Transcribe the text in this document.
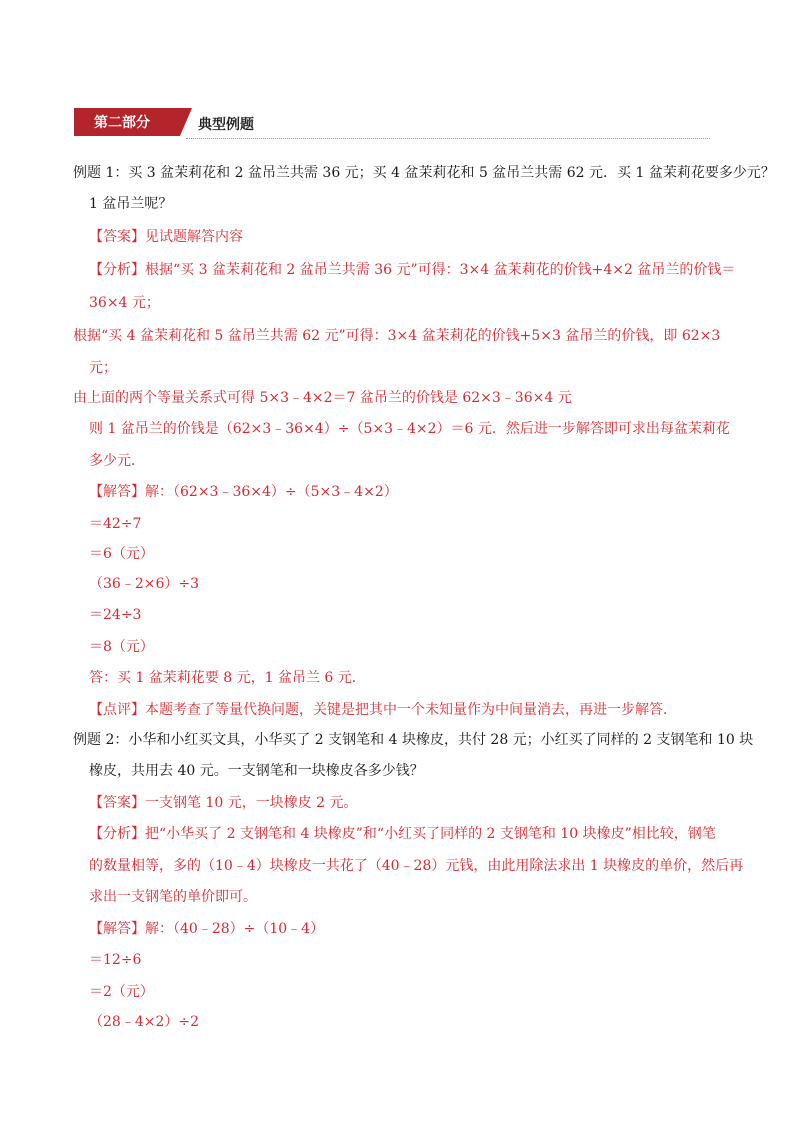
第二部分	典型例题
例题 1：买 3 盆茉莉花和 2 盆吊兰共需 36 元；买 4 盆茉莉花和 5 盆吊兰共需 62 元．买 1 盆茉莉花要多少元？
1 盆吊兰呢？
【答案】见试题解答内容
【分析】根据“买 3 盆茉莉花和 2 盆吊兰共需 36 元”可得：3×4 盆茉莉花的价钱+4×2 盆吊兰的价钱＝
36×4 元；
根据“买 4 盆茉莉花和 5 盆吊兰共需 62 元”可得：3×4 盆茉莉花的价钱+5×3 盆吊兰的价钱，即 62×3
元；
由上面的两个等量关系式可得 5×3﹣4×2＝7 盆吊兰的价钱是 62×3﹣36×4 元
则 1 盆吊兰的价钱是（62×3﹣36×4）÷（5×3﹣4×2）＝6 元．然后进一步解答即可求出每盆茉莉花
多少元．
【解答】解：（62×3﹣36×4）÷（5×3﹣4×2）
＝42÷7
＝6（元）
（36﹣2×6）÷3
＝24÷3
＝8（元）
答：买 1 盆茉莉花要 8 元，1 盆吊兰 6 元．
【点评】本题考查了等量代换问题，关键是把其中一个未知量作为中间量消去，再进一步解答．
例题 2：小华和小红买文具，小华买了 2 支钢笔和 4 块橡皮，共付 28 元；小红买了同样的 2 支钢笔和 10 块
橡皮，共用去 40 元。一支钢笔和一块橡皮各多少钱？
【答案】一支钢笔 10 元，一块橡皮 2 元。
【分析】把“小华买了 2 支钢笔和 4 块橡皮”和“小红买了同样的 2 支钢笔和 10 块橡皮”相比较，钢笔
的数量相等，多的（10﹣4）块橡皮一共花了（40﹣28）元钱，由此用除法求出 1 块橡皮的单价，然后再
求出一支钢笔的单价即可。
【解答】解：（40﹣28）÷（10﹣4）
＝12÷6
＝2（元）
（28﹣4×2）÷2
